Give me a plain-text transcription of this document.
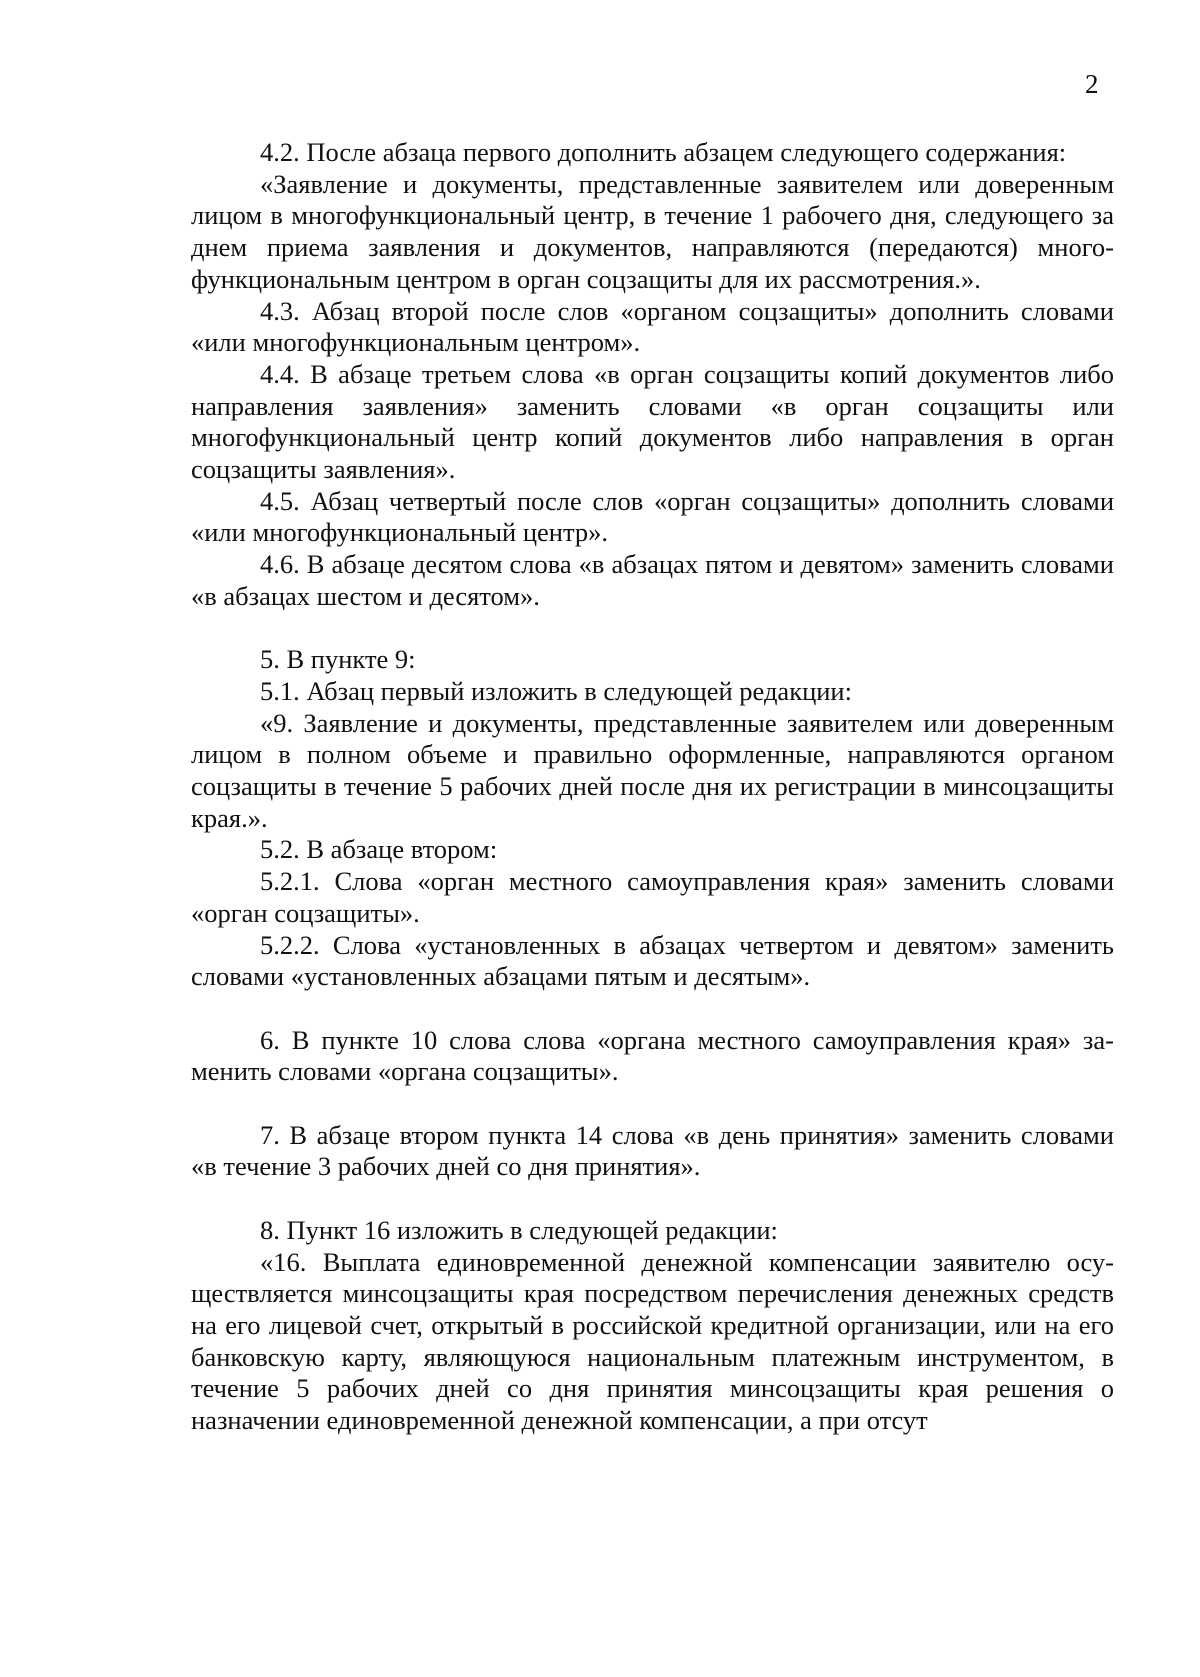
2

4.2. После абзаца первого дополнить абзацем следующего содержания:

«Заявление и документы, представленные заявителем или доверенным лицом в многофункциональный центр, в течение 1 рабочего дня, следующего за днем приема заявления и документов, направляются (передаются) многофункциональным центром в орган соцзащиты для их рассмотрения.».

4.3. Абзац второй после слов «органом соцзащиты» дополнить словами «или многофункциональным центром».

4.4. В абзаце третьем слова «в орган соцзащиты копий документов либо направления заявления» заменить словами «в орган соцзащиты или многофункциональный центр копий документов либо направления в орган соцзащиты заявления».

4.5. Абзац четвертый после слов «орган соцзащиты» дополнить словами «или многофункциональный центр».

4.6. В абзаце десятом слова «в абзацах пятом и девятом» заменить словами «в абзацах шестом и десятом».

5. В пункте 9:

5.1. Абзац первый изложить в следующей редакции:

«9. Заявление и документы, представленные заявителем или доверенным лицом в полном объеме и правильно оформленные, направляются органом соцзащиты в течение 5 рабочих дней после дня их регистрации в минсоцзащиты края.».

5.2. В абзаце втором:

5.2.1. Слова «орган местного самоуправления края» заменить словами «орган соцзащиты».

5.2.2. Слова «установленных в абзацах четвертом и девятом» заменить словами «установленных абзацами пятым и десятым».

6. В пункте 10 слова слова «органа местного самоуправления края» заменить словами «органа соцзащиты».

7. В абзаце втором пункта 14 слова «в день принятия» заменить словами «в течение 3 рабочих дней со дня принятия».

8. Пункт 16 изложить в следующей редакции:

«16. Выплата единовременной денежной компенсации заявителю осуществляется минсоцзащиты края посредством перечисления денежных средств на его лицевой счет, открытый в российской кредитной организации, или на его банковскую карту, являющуюся национальным платежным инструментом, в течение 5 рабочих дней со дня принятия минсоцзащиты края решения о назначении единовременной денежной компенсации, а при отсут
